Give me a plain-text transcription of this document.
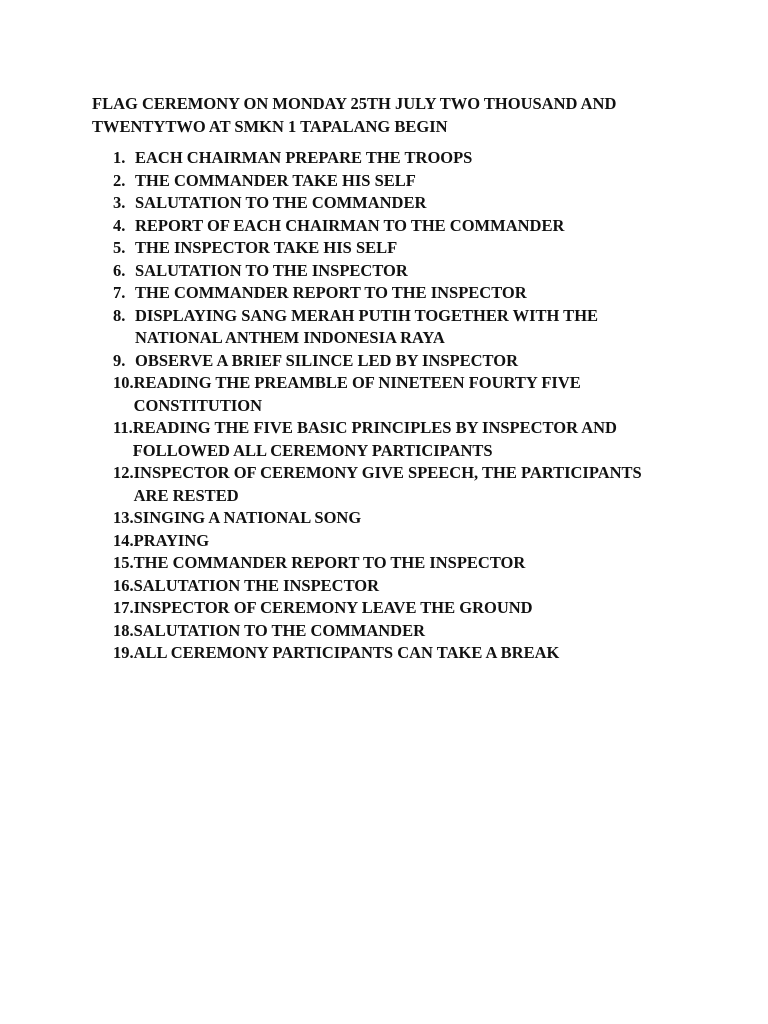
FLAG CEREMONY ON MONDAY 25TH JULY TWO THOUSAND AND TWENTYTWO AT SMKN 1 TAPALANG BEGIN

1. EACH CHAIRMAN PREPARE THE TROOPS
2. THE COMMANDER TAKE HIS SELF
3. SALUTATION TO THE COMMANDER
4. REPORT OF EACH CHAIRMAN TO THE COMMANDER
5. THE INSPECTOR TAKE HIS SELF
6. SALUTATION TO THE INSPECTOR
7. THE COMMANDER REPORT TO THE INSPECTOR
8. DISPLAYING SANG MERAH PUTIH TOGETHER WITH THE NATIONAL ANTHEM INDONESIA RAYA
9. OBSERVE A BRIEF SILINCE LED BY INSPECTOR
10. READING THE PREAMBLE OF NINETEEN FOURTY FIVE CONSTITUTION
11. READING THE FIVE BASIC PRINCIPLES BY INSPECTOR AND FOLLOWED ALL CEREMONY PARTICIPANTS
12. INSPECTOR OF CEREMONY GIVE SPEECH, THE PARTICIPANTS ARE RESTED
13. SINGING A NATIONAL SONG
14. PRAYING
15. THE COMMANDER REPORT TO THE INSPECTOR
16. SALUTATION THE INSPECTOR
17. INSPECTOR OF CEREMONY LEAVE THE GROUND
18. SALUTATION TO THE COMMANDER
19. ALL CEREMONY PARTICIPANTS CAN TAKE A BREAK
